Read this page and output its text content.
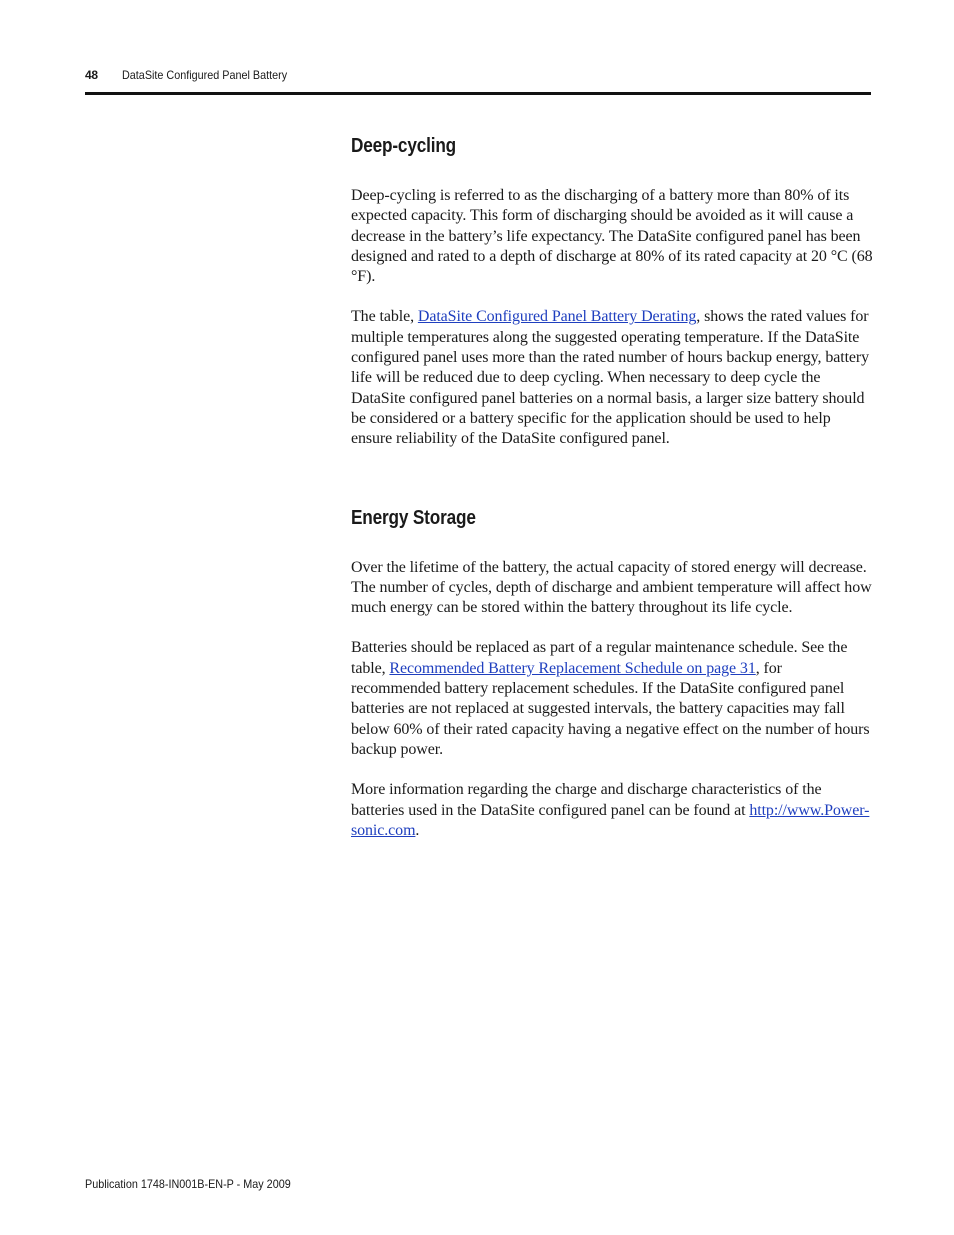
48 DataSite Configured Panel Battery
Deep-cycling

Deep-cycling is referred to as the discharging of a battery more than 80% of its expected capacity. This form of discharging should be avoided as it will cause a decrease in the battery’s life expectancy. The DataSite configured panel has been designed and rated to a depth of discharge at 80% of its rated capacity at 20 °C (68 °F).

The table, DataSite Configured Panel Battery Derating, shows the rated values for multiple temperatures along the suggested operating temperature. If the DataSite configured panel uses more than the rated number of hours backup energy, battery life will be reduced due to deep cycling. When necessary to deep cycle the DataSite configured panel batteries on a normal basis, a larger size battery should be considered or a battery specific for the application should be used to help ensure reliability of the DataSite configured panel.

Energy Storage

Over the lifetime of the battery, the actual capacity of stored energy will decrease. The number of cycles, depth of discharge and ambient temperature will affect how much energy can be stored within the battery throughout its life cycle.

Batteries should be replaced as part of a regular maintenance schedule. See the table, Recommended Battery Replacement Schedule on page 31, for recommended battery replacement schedules. If the DataSite configured panel batteries are not replaced at suggested intervals, the battery capacities may fall below 60% of their rated capacity having a negative effect on the number of hours backup power.

More information regarding the charge and discharge characteristics of the batteries used in the DataSite configured panel can be found at http://www.Power-sonic.com.

Publication 1748-IN001B-EN-P - May 2009
